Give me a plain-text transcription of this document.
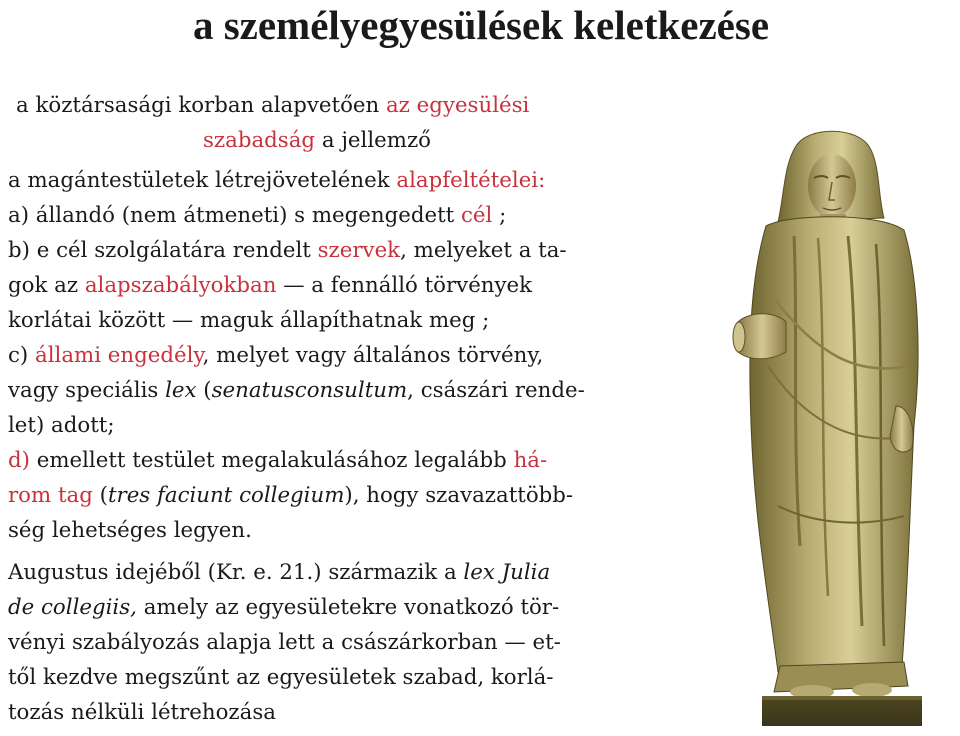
a személyegyesülések keletkezése
a köztársasági korban alapvetően az egyesülési
szabadság a jellemző
a magántestületek létrejövetelének alapfeltételei:
a) állandó (nem átmeneti) s megengedett cél ;
b) e cél szolgálatára rendelt szervek, melyeket a ta-
gok az alapszabályokban — a fennálló törvények
korlátai között — maguk állapíthatnak meg ;
c) állami engedély, melyet vagy általános törvény,
vagy speciális lex (senatusconsultum, császári rende-
let) adott;
d) emellett testület megalakulásához legalább há-
rom tag (tres faciunt collegium), hogy szavazattöbb-
ség lehetséges legyen.
Augustus idejéből (Kr. e. 21.) származik a lex Julia
de collegiis, amely az egyesületekre vonatkozó tör-
vényi szabályozás alapja lett a császárkorban — et-
től kezdve megszűnt az egyesületek szabad, korlá-
tozás nélküli létrehozása
